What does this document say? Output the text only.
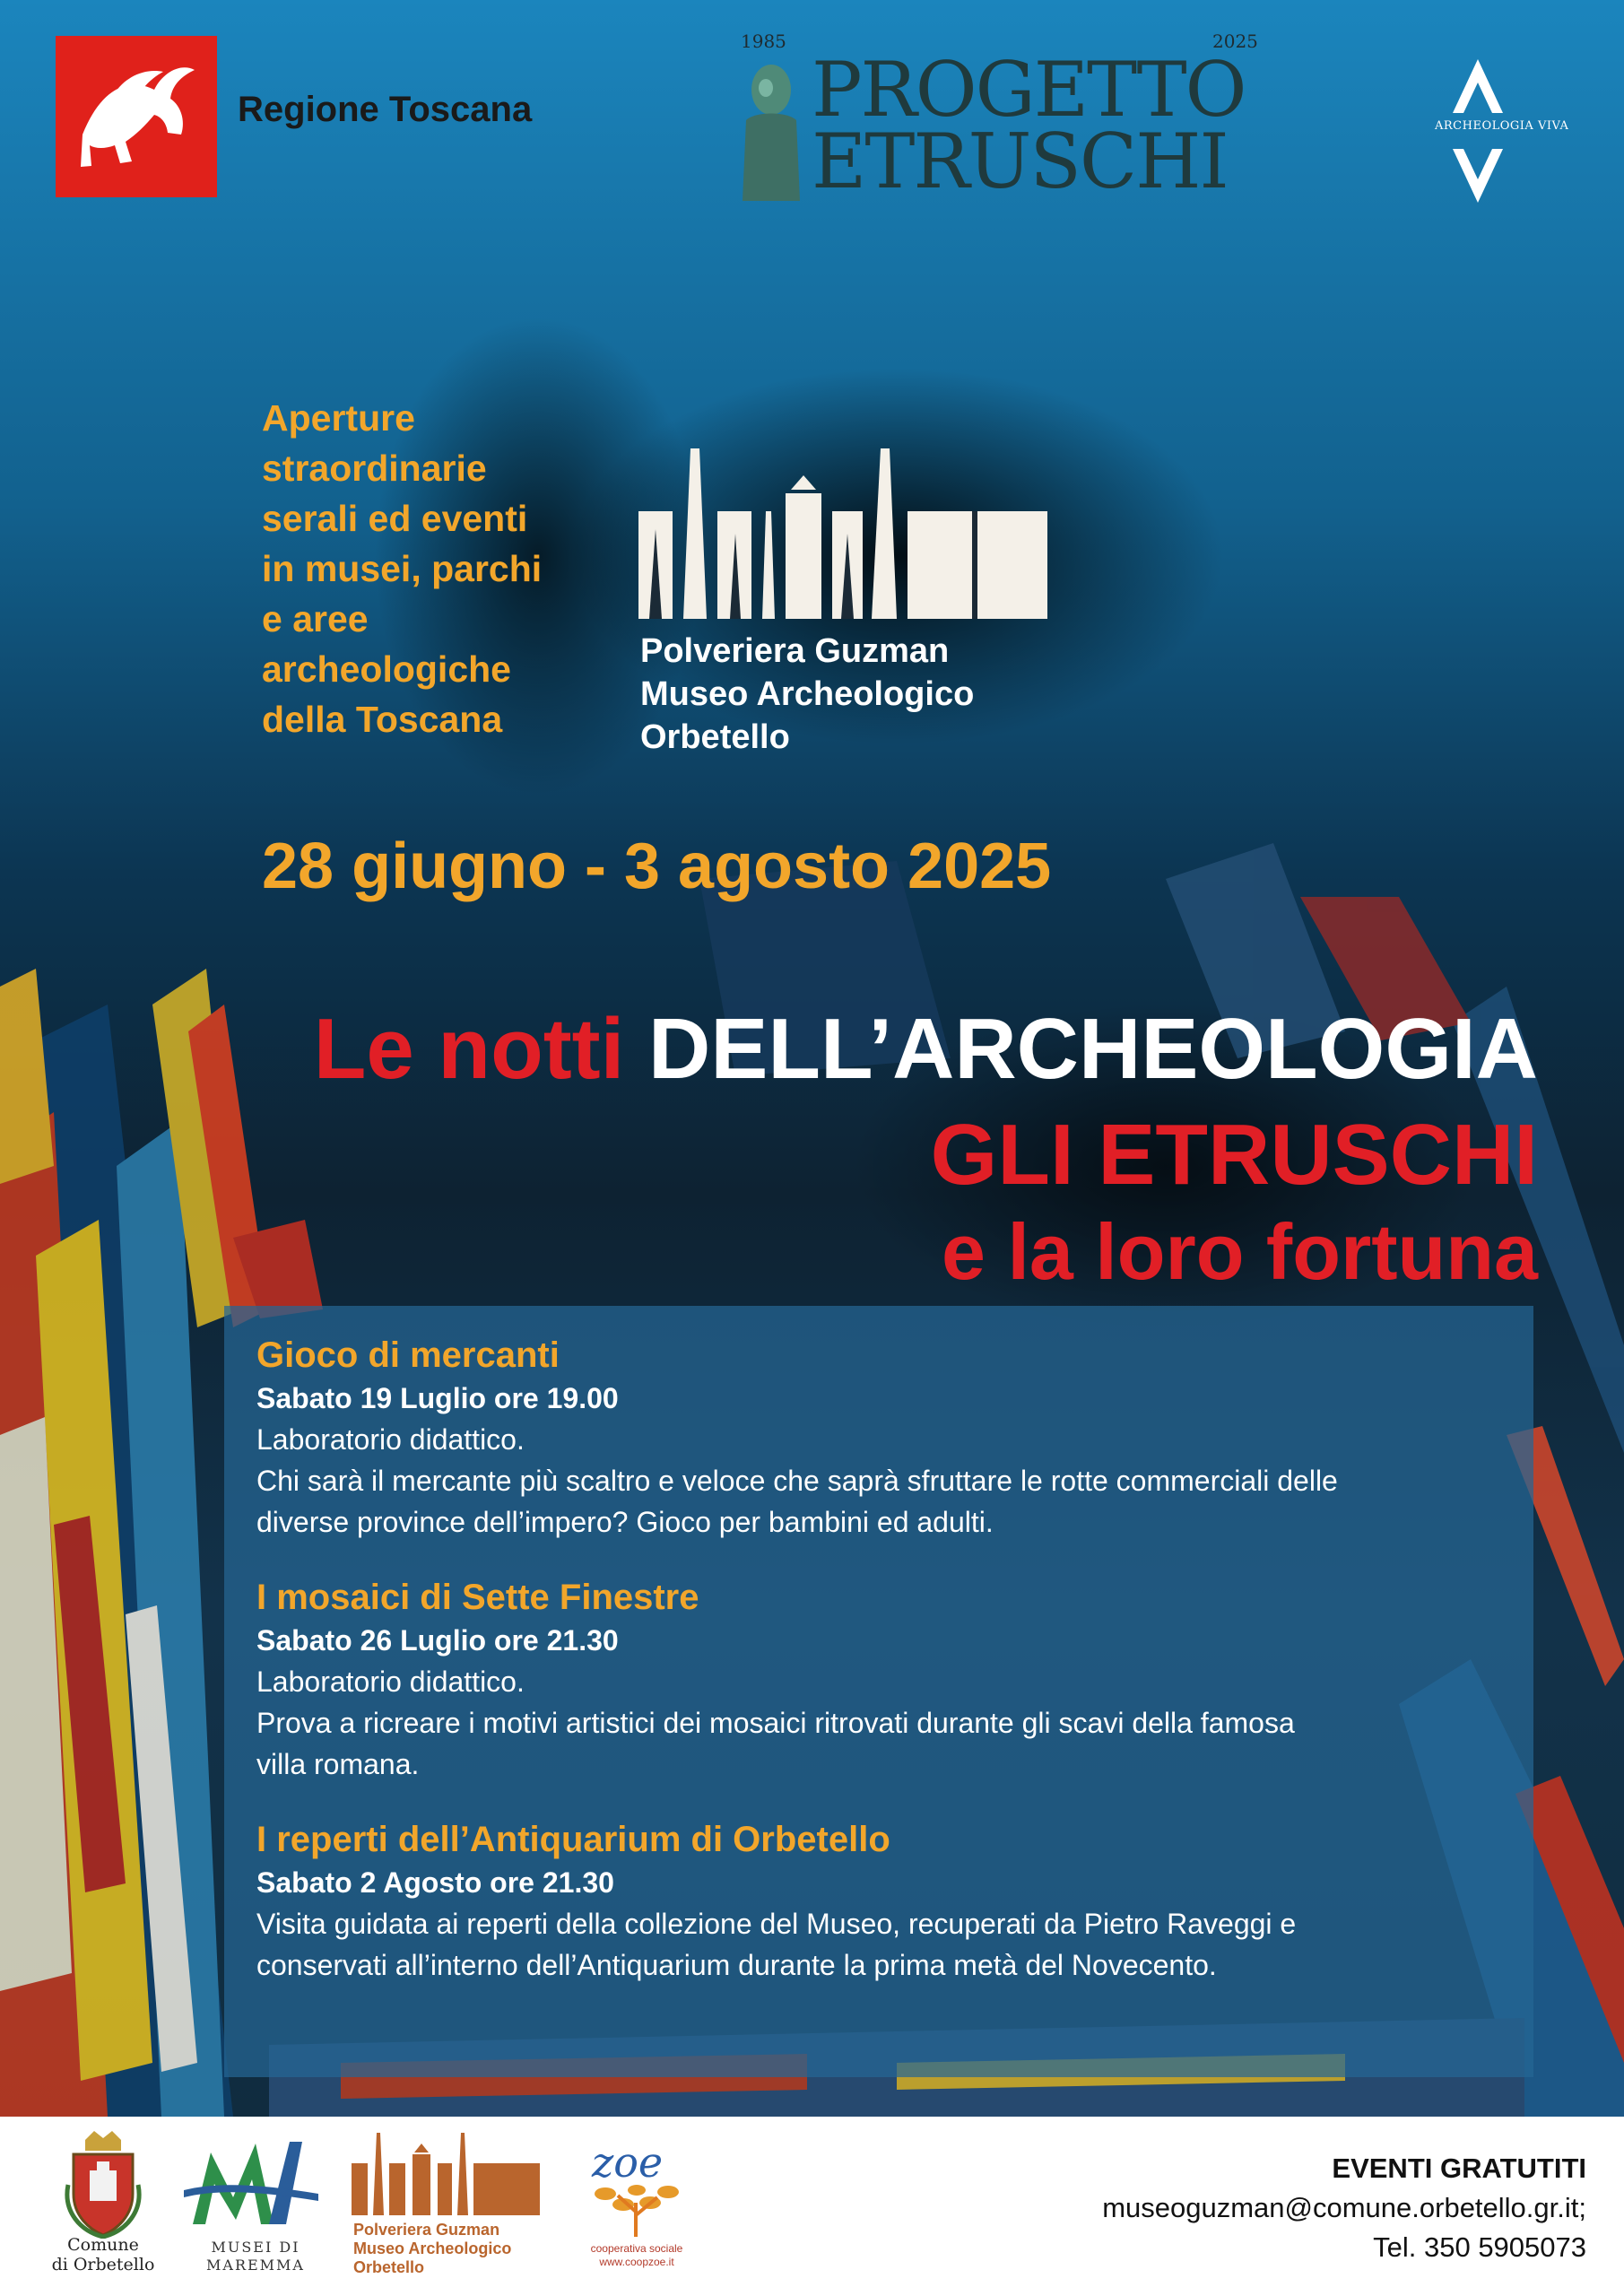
Regione Toscana
1985	2025
PROGETTO
ETRUSCHI	ARCHEOLOGIA VIVA
Aperture
straordinarie
serali ed eventi
in musei, parchi
e aree
archeologiche
della Toscana
Polveriera Guzman
Museo Archeologico
Orbetello
28 giugno - 3 agosto 2025
Le notti DELL’ARCHEOLOGIA
GLI ETRUSCHI
e la loro fortuna
Gioco di mercanti
Sabato 19 Luglio ore 19.00
Laboratorio didattico.
Chi sarà il mercante più scaltro e veloce che saprà sfruttare le rotte commerciali delle
diverse province dell’impero? Gioco per bambini ed adulti.
I mosaici di Sette Finestre
Sabato 26 Luglio ore 21.30
Laboratorio didattico.
Prova a ricreare i motivi artistici dei mosaici ritrovati durante gli scavi della famosa
villa romana.
I reperti dell’Antiquarium di Orbetello
Sabato 2 Agosto ore 21.30
Visita guidata ai reperti della collezione del Museo, recuperati da Pietro Raveggi e
conservati all’interno dell’Antiquarium durante la prima metà del Novecento.
Comune
di Orbetello
MUSEI DI
MAREMMA
Polveriera Guzman
Museo Archeologico
Orbetello
zoe
cooperativa sociale
www.coopzoe.it
EVENTI GRATUTITI
museoguzman@comune.orbetello.gr.it;
Tel. 350 5905073
